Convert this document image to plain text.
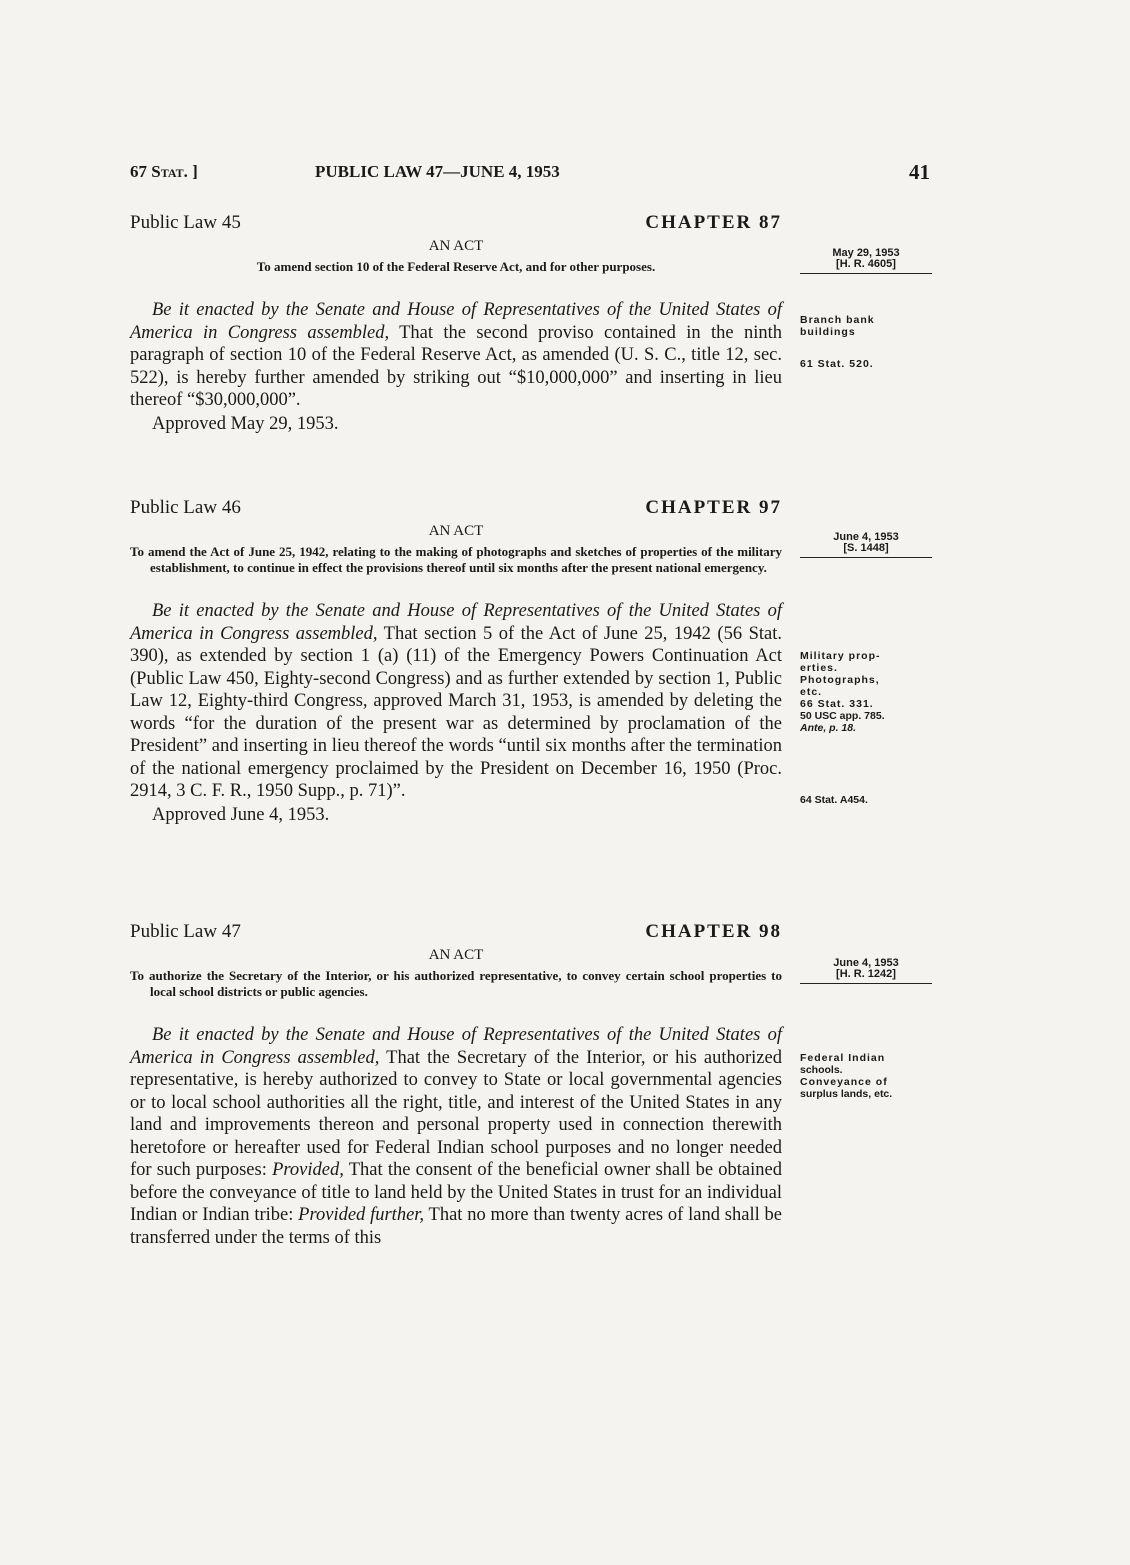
67 Stat. ]	PUBLIC LAW 47—JUNE 4, 1953	41
Public Law 45	CHAPTER 87
AN ACT
To amend section 10 of the Federal Reserve Act, and for other purposes.
Be it enacted by the Senate and House of Representatives of the United States of America in Congress assembled, That the second proviso contained in the ninth paragraph of section 10 of the Federal Reserve Act, as amended (U. S. C., title 12, sec. 522), is hereby further amended by striking out “$10,000,000” and inserting in lieu thereof “$30,000,000”.
Approved May 29, 1953.
May 29, 1953
[H. R. 4605]
Branch bank
buildings
61 Stat. 520.
Public Law 46	CHAPTER 97
AN ACT
To amend the Act of June 25, 1942, relating to the making of photographs and sketches of properties of the military establishment, to continue in effect the provisions thereof until six months after the present national emergency.
Be it enacted by the Senate and House of Representatives of the United States of America in Congress assembled, That section 5 of the Act of June 25, 1942 (56 Stat. 390), as extended by section 1 (a) (11) of the Emergency Powers Continuation Act (Public Law 450, Eighty-second Congress) and as further extended by section 1, Public Law 12, Eighty-third Congress, approved March 31, 1953, is amended by deleting the words “for the duration of the present war as determined by proclamation of the President” and inserting in lieu thereof the words “until six months after the termination of the national emergency proclaimed by the President on December 16, 1950 (Proc. 2914, 3 C. F. R., 1950 Supp., p. 71)”.
Approved June 4, 1953.
June 4, 1953
[S. 1448]
Military prop-
erties.
Photographs,
etc.
66 Stat. 331.
50 USC app. 785.
Ante, p. 18.
64 Stat. A454.
Public Law 47	CHAPTER 98
AN ACT
To authorize the Secretary of the Interior, or his authorized representative, to convey certain school properties to local school districts or public agencies.
Be it enacted by the Senate and House of Representatives of the United States of America in Congress assembled, That the Secretary of the Interior, or his authorized representative, is hereby authorized to convey to State or local governmental agencies or to local school authorities all the right, title, and interest of the United States in any land and improvements thereon and personal property used in connection therewith heretofore or hereafter used for Federal Indian school purposes and no longer needed for such purposes: Provided, That the consent of the beneficial owner shall be obtained before the conveyance of title to land held by the United States in trust for an individual Indian or Indian tribe: Provided further, That no more than twenty acres of land shall be transferred under the terms of this
June 4, 1953
[H. R. 1242]
Federal Indian
schools.
Conveyance of
surplus lands, etc.
